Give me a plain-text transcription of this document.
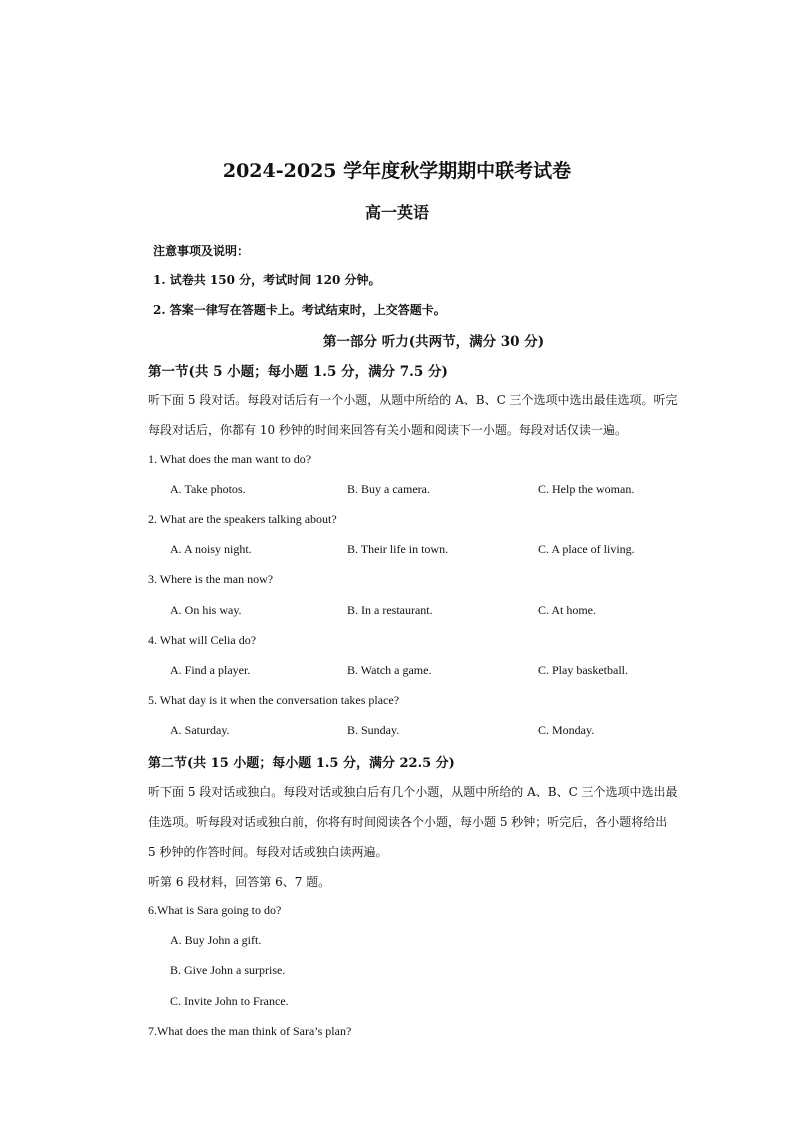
2024-2025 学年度秋学期期中联考试卷
高一英语
注意事项及说明：
1. 试卷共 150 分，考试时间 120 分钟。
2. 答案一律写在答题卡上。考试结束时，上交答题卡。
第一部分 听力(共两节，满分 30 分)
第一节(共 5 小题；每小题 1.5 分，满分 7.5 分)
听下面 5 段对话。每段对话后有一个小题，从题中所给的 A、B、C 三个选项中选出最佳选项。听完
每段对话后，你都有 10 秒钟的时间来回答有关小题和阅读下一小题。每段对话仅读一遍。
1. What does the man want to do?
A. Take photos.	B. Buy a camera.	C. Help the woman.
2. What are the speakers talking about?
A. A noisy night.	B. Their life in town.	C. A place of living.
3. Where is the man now?
A. On his way.	B. In a restaurant.	C. At home.
4. What will Celia do?
A. Find a player.	B. Watch a game.	C. Play basketball.
5. What day is it when the conversation takes place?
A. Saturday.	B. Sunday.	C. Monday.
第二节(共 15 小题；每小题 1.5 分，满分 22.5 分)
听下面 5 段对话或独白。每段对话或独白后有几个小题，从题中所给的 A、B、C 三个选项中选出最
佳选项。听每段对话或独白前，你将有时间阅读各个小题，每小题 5 秒钟；听完后，各小题将给出
5 秒钟的作答时间。每段对话或独白读两遍。
听第 6 段材料，回答第 6、7 题。
6.What is Sara going to do?
A. Buy John a gift.
B. Give John a surprise.
C. Invite John to France.
7.What does the man think of Sara’s plan?
